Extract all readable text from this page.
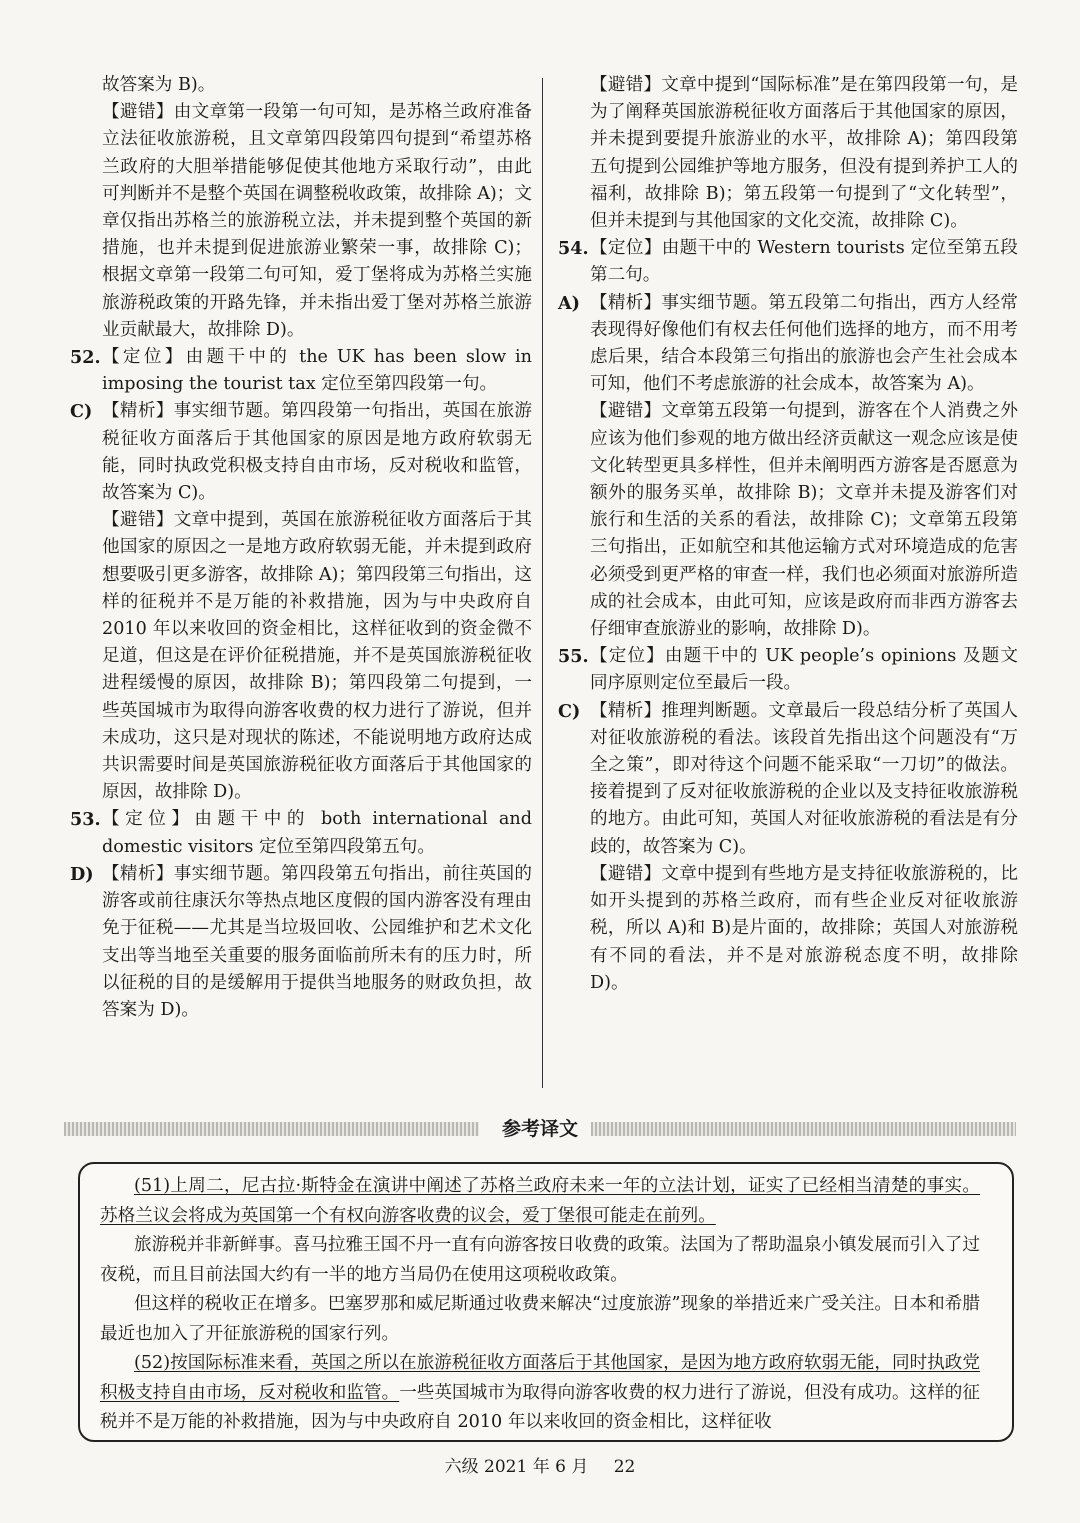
故答案为 B)。

【避错】由文章第一段第一句可知，是苏格兰政府准备立法征收旅游税，且文章第四段第四句提到“希望苏格兰政府的大胆举措能够促使其他地方采取行动”，由此可判断并不是整个英国在调整税收政策，故排除 A)；文章仅指出苏格兰的旅游税立法，并未提到整个英国的新措施，也并未提到促进旅游业繁荣一事，故排除 C)；根据文章第一段第二句可知，爱丁堡将成为苏格兰实施旅游税政策的开路先锋，并未指出爱丁堡对苏格兰旅游业贡献最大，故排除 D)。

52. 【定位】由题干中的 the UK has been slow in imposing the tourist tax 定位至第四段第一句。
C) 【精析】事实细节题。第四段第一句指出，英国在旅游税征收方面落后于其他国家的原因是地方政府软弱无能，同时执政党积极支持自由市场，反对税收和监管，故答案为 C)。

【避错】文章中提到，英国在旅游税征收方面落后于其他国家的原因之一是地方政府软弱无能，并未提到政府想要吸引更多游客，故排除 A)；第四段第三句指出，这样的征税并不是万能的补救措施，因为与中央政府自 2010 年以来收回的资金相比，这样征收到的资金微不足道，但这是在评价征税措施，并不是英国旅游税征收进程缓慢的原因，故排除 B)；第四段第二句提到，一些英国城市为取得向游客收费的权力进行了游说，但并未成功，这只是对现状的陈述，不能说明地方政府达成共识需要时间是英国旅游税征收方面落后于其他国家的原因，故排除 D)。

53. 【定位】由题干中的 both international and domestic visitors 定位至第四段第五句。
D) 【精析】事实细节题。第四段第五句指出，前往英国的游客或前往康沃尔等热点地区度假的国内游客没有理由免于征税——尤其是当垃圾回收、公园维护和艺术文化支出等当地至关重要的服务面临前所未有的压力时，所以征税的目的是缓解用于提供当地服务的财政负担，故答案为 D)。

【避错】文章中提到“国际标准”是在第四段第一句，是为了阐释英国旅游税征收方面落后于其他国家的原因，并未提到要提升旅游业的水平，故排除 A)；第四段第五句提到公园维护等地方服务，但没有提到养护工人的福利，故排除 B)；第五段第一句提到了“文化转型”，但并未提到与其他国家的文化交流，故排除 C)。

54. 【定位】由题干中的 Western tourists 定位至第五段第二句。
A) 【精析】事实细节题。第五段第二句指出，西方人经常表现得好像他们有权去任何他们选择的地方，而不用考虑后果，结合本段第三句指出的旅游也会产生社会成本可知，他们不考虑旅游的社会成本，故答案为 A)。

【避错】文章第五段第一句提到，游客在个人消费之外应该为他们参观的地方做出经济贡献这一观念应该是使文化转型更具多样性，但并未阐明西方游客是否愿意为额外的服务买单，故排除 B)；文章并未提及游客们对旅行和生活的关系的看法，故排除 C)；文章第五段第三句指出，正如航空和其他运输方式对环境造成的危害必须受到更严格的审查一样，我们也必须面对旅游所造成的社会成本，由此可知，应该是政府而非西方游客去仔细审查旅游业的影响，故排除 D)。

55. 【定位】由题干中的 UK people’s opinions 及题文同序原则定位至最后一段。
C) 【精析】推理判断题。文章最后一段总结分析了英国人对征收旅游税的看法。该段首先指出这个问题没有“万全之策”，即对待这个问题不能采取“一刀切”的做法。接着提到了反对征收旅游税的企业以及支持征收旅游税的地方。由此可知，英国人对征收旅游税的看法是有分歧的，故答案为 C)。

【避错】文章中提到有些地方是支持征收旅游税的，比如开头提到的苏格兰政府，而有些企业反对征收旅游税，所以 A)和 B)是片面的，故排除；英国人对旅游税有不同的看法，并不是对旅游税态度不明，故排除 D)。

参考译文

(51)上周二，尼古拉·斯特金在演讲中阐述了苏格兰政府未来一年的立法计划，证实了已经相当清楚的事实。苏格兰议会将成为英国第一个有权向游客收费的议会，爱丁堡很可能走在前列。

旅游税并非新鲜事。喜马拉雅王国不丹一直有向游客按日收费的政策。法国为了帮助温泉小镇发展而引入了过夜税，而且目前法国大约有一半的地方当局仍在使用这项税收政策。

但这样的税收正在增多。巴塞罗那和威尼斯通过收费来解决“过度旅游”现象的举措近来广受关注。日本和希腊最近也加入了开征旅游税的国家行列。

(52)按国际标准来看，英国之所以在旅游税征收方面落后于其他国家，是因为地方政府软弱无能，同时执政党积极支持自由市场，反对税收和监管。一些英国城市为取得向游客收费的权力进行了游说，但没有成功。这样的征税并不是万能的补救措施，因为与中央政府自 2010 年以来收回的资金相比，这样征收

六级 2021 年 6 月 22
